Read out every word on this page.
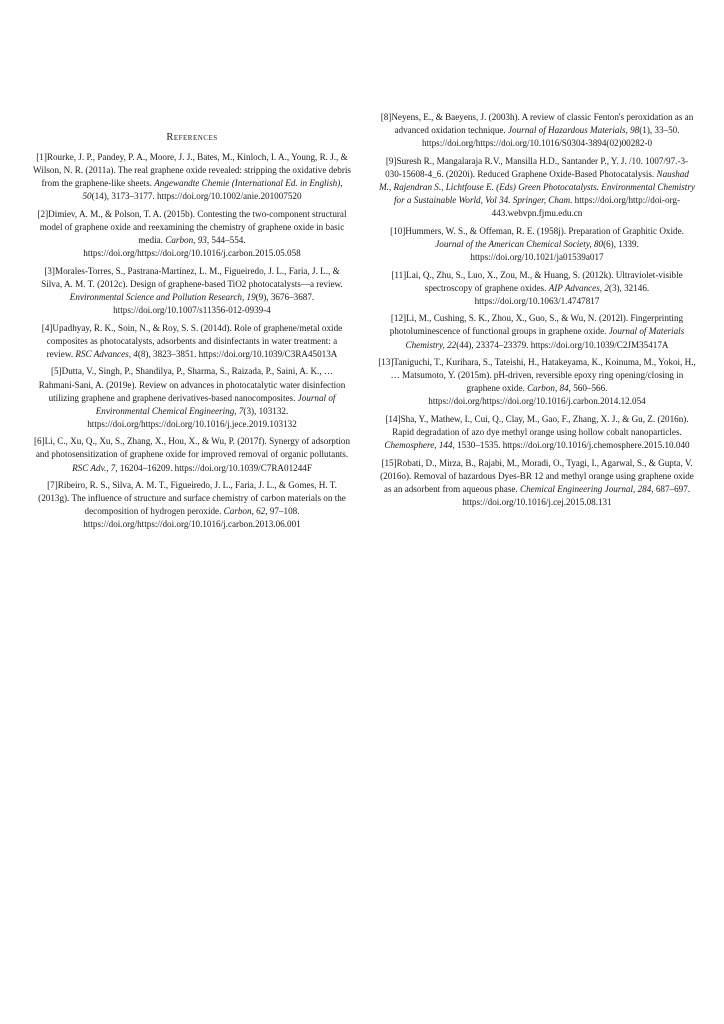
References

[1]Rourke, J. P., Pandey, P. A., Moore, J. J., Bates, M., Kinloch, I. A., Young, R. J., & Wilson, N. R. (2011a). The real graphene oxide revealed: stripping the oxidative debris from the graphene-like sheets. Angewandte Chemie (International Ed. in English), 50(14), 3173–3177. https://doi.org/10.1002/anie.201007520

[2]Dimiev, A. M., & Polson, T. A. (2015b). Contesting the two-component structural model of graphene oxide and reexamining the chemistry of graphene oxide in basic media. Carbon, 93, 544–554. https://doi.org/https://doi.org/10.1016/j.carbon.2015.05.058

[3]Morales-Torres, S., Pastrana-Martínez, L. M., Figueiredo, J. L., Faria, J. L., & Silva, A. M. T. (2012c). Design of graphene-based TiO2 photocatalysts—a review. Environmental Science and Pollution Research, 19(9), 3676–3687. https://doi.org/10.1007/s11356-012-0939-4

[4]Upadhyay, R. K., Soin, N., & Roy, S. S. (2014d). Role of graphene/metal oxide composites as photocatalysts, adsorbents and disinfectants in water treatment: a review. RSC Advances, 4(8), 3823–3851. https://doi.org/10.1039/C3RA45013A

[5]Dutta, V., Singh, P., Shandilya, P., Sharma, S., Raizada, P., Saini, A. K., … Rahmani-Sani, A. (2019e). Review on advances in photocatalytic water disinfection utilizing graphene and graphene derivatives-based nanocomposites. Journal of Environmental Chemical Engineering, 7(3), 103132. https://doi.org/https://doi.org/10.1016/j.jece.2019.103132

[6]Li, C., Xu, Q., Xu, S., Zhang, X., Hou, X., & Wu, P. (2017f). Synergy of adsorption and photosensitization of graphene oxide for improved removal of organic pollutants. RSC Adv., 7, 16204–16209. https://doi.org/10.1039/C7RA01244F

[7]Ribeiro, R. S., Silva, A. M. T., Figueiredo, J. L., Faria, J. L., & Gomes, H. T. (2013g). The influence of structure and surface chemistry of carbon materials on the decomposition of hydrogen peroxide. Carbon, 62, 97–108. https://doi.org/https://doi.org/10.1016/j.carbon.2013.06.001

[8]Neyens, E., & Baeyens, J. (2003h). A review of classic Fenton's peroxidation as an advanced oxidation technique. Journal of Hazardous Materials, 98(1), 33–50. https://doi.org/https://doi.org/10.1016/S0304-3894(02)00282-0

[9]Suresh R., Mangalaraja R.V., Mansilla H.D., Santander P., Y. J. /10. 1007/97.-3-030-15608-4_6. (2020i). Reduced Graphene Oxide-Based Photocatalysis. Naushad M., Rajendran S., Lichtfouse E. (Eds) Green Photocatalysts. Environmental Chemistry for a Sustainable World, Vol 34. Springer, Cham. https://doi.org/http://doi-org-443.webvpn.fjmu.edu.cn

[10]Hummers, W. S., & Offeman, R. E. (1958j). Preparation of Graphitic Oxide. Journal of the American Chemical Society, 80(6), 1339. https://doi.org/10.1021/ja01539a017

[11]Lai, Q., Zhu, S., Luo, X., Zou, M., & Huang, S. (2012k). Ultraviolet-visible spectroscopy of graphene oxides. AIP Advances, 2(3), 32146. https://doi.org/10.1063/1.4747817

[12]Li, M., Cushing, S. K., Zhou, X., Guo, S., & Wu, N. (2012l). Fingerprinting photoluminescence of functional groups in graphene oxide. Journal of Materials Chemistry, 22(44), 23374–23379. https://doi.org/10.1039/C2JM35417A

[13]Taniguchi, T., Kurihara, S., Tateishi, H., Hatakeyama, K., Koinuma, M., Yokoi, H., … Matsumoto, Y. (2015m). pH-driven, reversible epoxy ring opening/closing in graphene oxide. Carbon, 84, 560–566. https://doi.org/https://doi.org/10.1016/j.carbon.2014.12.054

[14]Sha, Y., Mathew, I., Cui, Q., Clay, M., Gao, F., Zhang, X. J., & Gu, Z. (2016n). Rapid degradation of azo dye methyl orange using hollow cobalt nanoparticles. Chemosphere, 144, 1530–1535. https://doi.org/10.1016/j.chemosphere.2015.10.040

[15]Robati, D., Mirza, B., Rajabi, M., Moradi, O., Tyagi, I., Agarwal, S., & Gupta, V. (2016o). Removal of hazardous Dyes-BR 12 and methyl orange using graphene oxide as an adsorbent from aqueous phase. Chemical Engineering Journal, 284, 687–697. https://doi.org/10.1016/j.cej.2015.08.131
